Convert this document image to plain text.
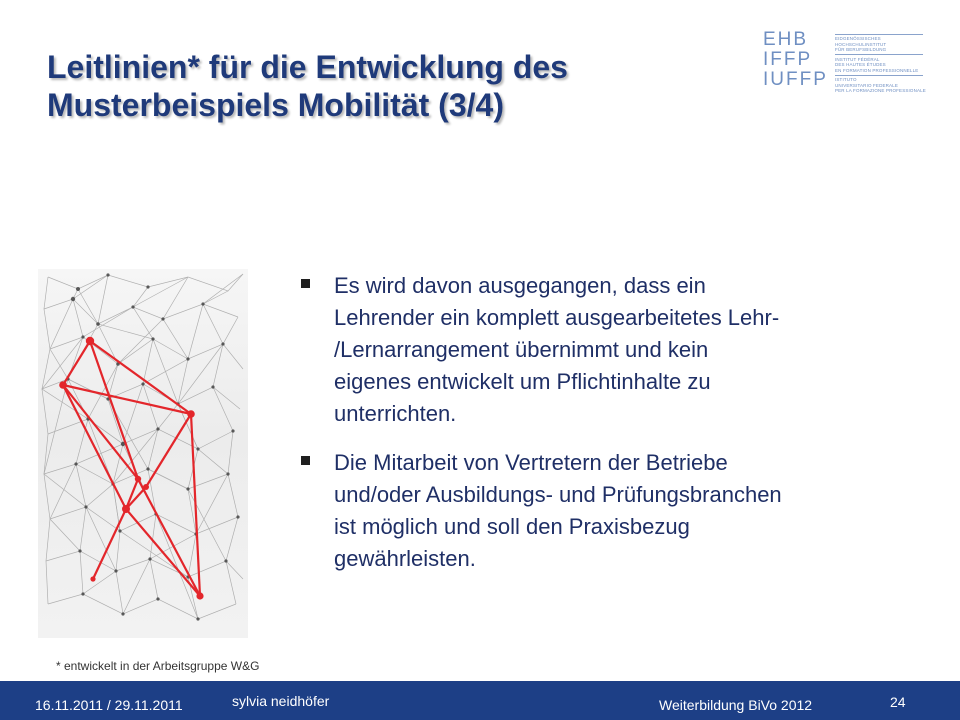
Leitlinien* für die Entwicklung des
Musterbeispiels Mobilität (3/4)
EHB
IFFP
IUFFP
EIDGENÖSSISCHES
HOCHSCHULINSTITUT
FÜR BERUFSBILDUNG
INSTITUT FÉDÉRAL
DES HAUTES ÉTUDES
EN FORMATION PROFESSIONNELLE
ISTITUTO
UNIVERSITARIO FEDERALE
PER LA FORMAZIONE PROFESSIONALE
Es wird davon ausgegangen, dass ein
Lehrender ein komplett ausgearbeitetes Lehr-
/Lernarrangement übernimmt und kein
eigenes entwickelt um Pflichtinhalte zu
unterrichten.
Die Mitarbeit von Vertretern der Betriebe
und/oder Ausbildungs- und Prüfungsbranchen
ist möglich und soll den Praxisbezug
gewährleisten.
* entwickelt in der Arbeitsgruppe W&G
16.11.2011 / 29.11.2011	sylvia neidhöfer	Weiterbildung BiVo 2012	24
